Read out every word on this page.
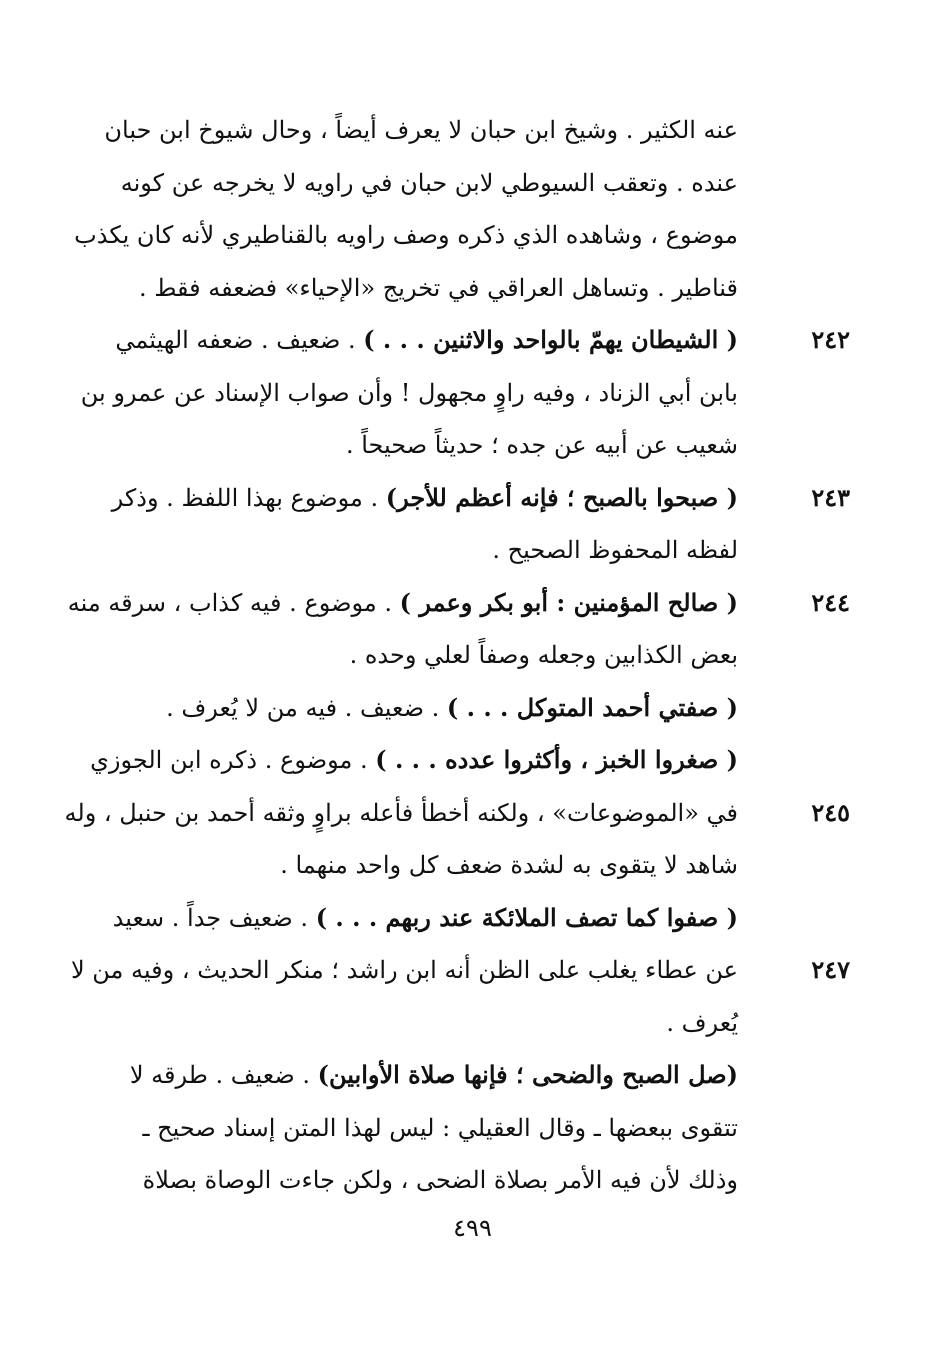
عنه الكثير . وشيخ ابن حبان لا يعرف أيضاً ، وحال شيوخ ابن حبان
عنده . وتعقب السيوطي لابن حبان في راويه لا يخرجه عن كونه
موضوع ، وشاهده الذي ذكره وصف راويه بالقناطيري لأنه كان يكذب
قناطير . وتساهل العراقي في تخريج «الإحياء» فضعفه فقط .
( الشيطان يهمّ بالواحد والاثنين . . . ) . ضعيف . ضعفه الهيثمي
بابن أبي الزناد ، وفيه راوٍ مجهول ! وأن صواب الإسناد عن عمرو بن
شعيب عن أبيه عن جده ؛ حديثاً صحيحاً .
( صبحوا بالصبح ؛ فإنه أعظم للأجر) . موضوع بهذا اللفظ . وذكر
لفظه المحفوظ الصحيح .
( صالح المؤمنين : أبو بكر وعمر ) . موضوع . فيه كذاب ، سرقه منه
بعض الكذابين وجعله وصفاً لعلي وحده .
( صفتي أحمد المتوكل . . . ) . ضعيف . فيه من لا يُعرف .
( صغروا الخبز ، وأكثروا عدده . . . ) . موضوع . ذكره ابن الجوزي
في «الموضوعات» ، ولكنه أخطأ فأعله براوٍ وثقه أحمد بن حنبل ، وله
شاهد لا يتقوى به لشدة ضعف كل واحد منهما .
( صفوا كما تصف الملائكة عند ربهم . . . ) . ضعيف جداً . سعيد
عن عطاء يغلب على الظن أنه ابن راشد ؛ منكر الحديث ، وفيه من لا
يُعرف .
(صل الصبح والضحى ؛ فإنها صلاة الأوابين) . ضعيف . طرقه لا
تتقوى ببعضها ـ وقال العقيلي : ليس لهذا المتن إسناد صحيح ـ
وذلك لأن فيه الأمر بصلاة الضحى ، ولكن جاءت الوصاة بصلاة
٢٤٢
٢٤٣
٢٤٤
٢٤٥
٢٤٧
٤٩٩
